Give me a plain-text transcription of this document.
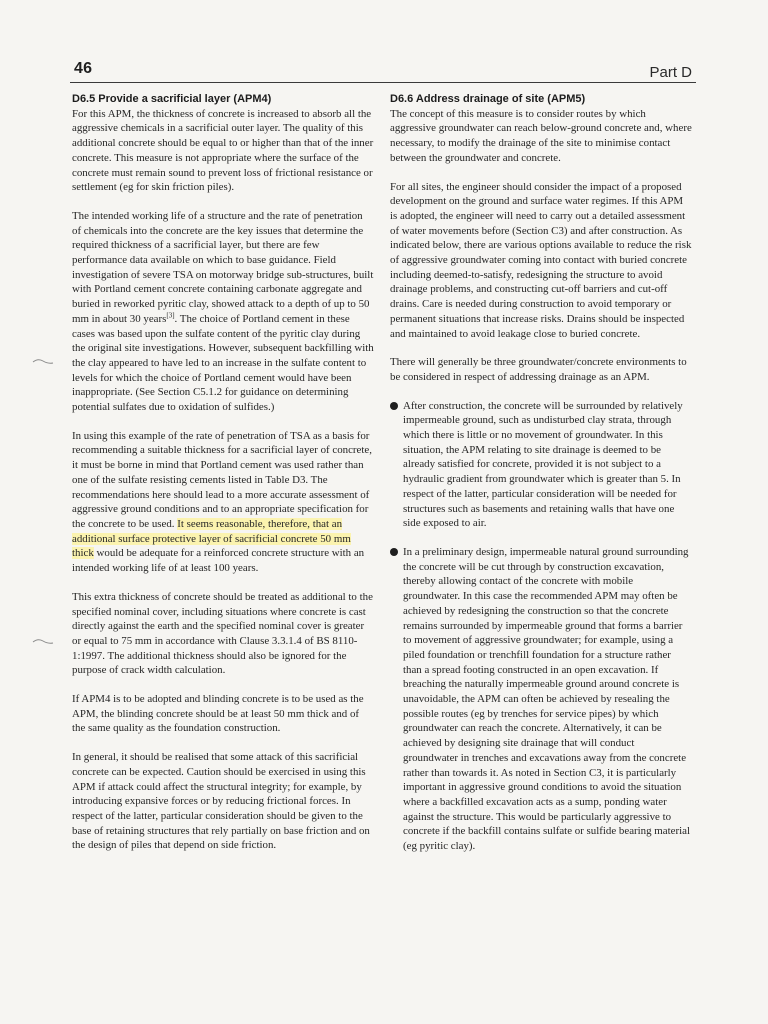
46	Part D
D6.5 Provide a sacrificial layer (APM4)

For this APM, the thickness of concrete is increased to absorb all the aggressive chemicals in a sacrificial outer layer. The quality of this additional concrete should be equal to or higher than that of the inner concrete. This measure is not appropriate where the surface of the concrete must remain sound to prevent loss of frictional resistance or settlement (eg for skin friction piles).

The intended working life of a structure and the rate of penetration of chemicals into the concrete are the key issues that determine the required thickness of a sacrificial layer, but there are few performance data available on which to base guidance. Field investigation of severe TSA on motorway bridge sub-structures, built with Portland cement concrete containing carbonate aggregate and buried in reworked pyritic clay, showed attack to a depth of up to 50 mm in about 30 years[3]. The choice of Portland cement in these cases was based upon the sulfate content of the pyritic clay during the original site investigations. However, subsequent backfilling with the clay appeared to have led to an increase in the sulfate content to levels for which the choice of Portland cement would have been inappropriate. (See Section C5.1.2 for guidance on determining potential sulfates due to oxidation of sulfides.)

In using this example of the rate of penetration of TSA as a basis for recommending a suitable thickness for a sacrificial layer of concrete, it must be borne in mind that Portland cement was used rather than one of the sulfate resisting cements listed in Table D3. The recommendations here should lead to a more accurate assessment of aggressive ground conditions and to an appropriate specification for the concrete to be used. It seems reasonable, therefore, that an additional surface protective layer of sacrificial concrete 50 mm thick would be adequate for a reinforced concrete structure with an intended working life of at least 100 years.

This extra thickness of concrete should be treated as additional to the specified nominal cover, including situations where concrete is cast directly against the earth and the specified nominal cover is greater or equal to 75 mm in accordance with Clause 3.3.1.4 of BS 8110-1:1997. The additional thickness should also be ignored for the purpose of crack width calculation.

If APM4 is to be adopted and blinding concrete is to be used as the APM, the blinding concrete should be at least 50 mm thick and of the same quality as the foundation construction.

In general, it should be realised that some attack of this sacrificial concrete can be expected. Caution should be exercised in using this APM if attack could affect the structural integrity; for example, by introducing expansive forces or by reducing frictional forces. In respect of the latter, particular consideration should be given to the base of retaining structures that rely partially on base friction and on the design of piles that depend on side friction.

D6.6 Address drainage of site (APM5)

The concept of this measure is to consider routes by which aggressive groundwater can reach below-ground concrete and, where necessary, to modify the drainage of the site to minimise contact between the groundwater and concrete.

For all sites, the engineer should consider the impact of a proposed development on the ground and surface water regimes. If this APM is adopted, the engineer will need to carry out a detailed assessment of water movements before (Section C3) and after construction. As indicated below, there are various options available to reduce the risk of aggressive groundwater coming into contact with buried concrete including deemed-to-satisfy, redesigning the structure to avoid drainage problems, and constructing cut-off barriers and cut-off drains. Care is needed during construction to avoid temporary or permanent situations that increase risks. Drains should be inspected and maintained to avoid leakage close to buried concrete.

There will generally be three groundwater/concrete environments to be considered in respect of addressing drainage as an APM.

After construction, the concrete will be surrounded by relatively impermeable ground, such as undisturbed clay strata, through which there is little or no movement of groundwater. In this situation, the APM relating to site drainage is deemed to be already satisfied for concrete, provided it is not subject to a hydraulic gradient from groundwater which is greater than 5. In respect of the latter, particular consideration will be needed for structures such as basements and retaining walls that have one side exposed to air.
In a preliminary design, impermeable natural ground surrounding the concrete will be cut through by construction excavation, thereby allowing contact of the concrete with mobile groundwater. In this case the recommended APM may often be achieved by redesigning the construction so that the concrete remains surrounded by impermeable ground that forms a barrier to movement of aggressive groundwater; for example, using a piled foundation or trenchfill foundation for a structure rather than a spread footing constructed in an open excavation. If breaching the naturally impermeable ground around concrete is unavoidable, the APM can often be achieved by resealing the possible routes (eg by trenches for service pipes) by which groundwater can reach the concrete. Alternatively, it can be achieved by designing site drainage that will conduct groundwater in trenches and excavations away from the concrete rather than towards it. As noted in Section C3, it is particularly important in aggressive ground conditions to avoid the situation where a backfilled excavation acts as a sump, ponding water against the structure. This would be particularly aggressive to concrete if the backfill contains sulfate or sulfide bearing material (eg pyritic clay).
